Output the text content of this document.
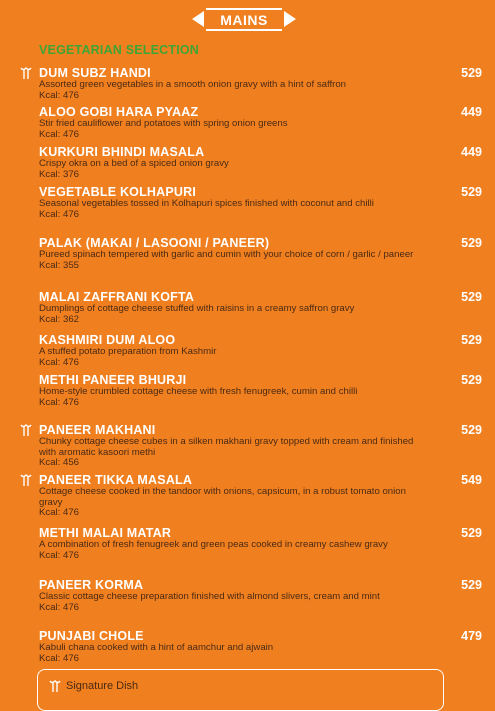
MAINS
VEGETARIAN SELECTION
DUM SUBZ HANDI
Assorted green vegetables in a smooth onion gravy with a hint of saffron
Kcal: 476
529
ALOO GOBI HARA PYAAZ
Stir fried cauliflower and potatoes with spring onion greens
Kcal: 476
449
KURKURI BHINDI MASALA
Crispy okra on a bed of a spiced onion gravy
Kcal: 376
449
VEGETABLE KOLHAPURI
Seasonal vegetables tossed in Kolhapuri spices finished with coconut and chilli
Kcal: 476
529
PALAK (MAKAI / LASOONI / PANEER)
Pureed spinach tempered with garlic and cumin with your choice of corn / garlic / paneer
Kcal: 355
529
MALAI ZAFFRANI KOFTA
Dumplings of cottage cheese stuffed with raisins in a creamy saffron gravy
Kcal: 362
529
KASHMIRI DUM ALOO
A stuffed potato preparation from Kashmir
Kcal: 476
529
METHI PANEER BHURJI
Home-style crumbled cottage cheese with fresh fenugreek, cumin and chilli
Kcal: 476
529
PANEER MAKHANI
Chunky cottage cheese cubes in a silken makhani gravy topped with cream and finished with aromatic kasoori methi
Kcal: 456
529
PANEER TIKKA MASALA
Cottage cheese cooked in the tandoor with onions, capsicum, in a robust tomato onion gravy
Kcal: 476
549
METHI MALAI MATAR
A combination of fresh fenugreek and green peas cooked in creamy cashew gravy
Kcal: 476
529
PANEER KORMA
Classic cottage cheese preparation finished with almond slivers, cream and mint
Kcal: 476
529
PUNJABI CHOLE
Kabuli chana cooked with a hint of aamchur and ajwain
Kcal: 476
479
Signature Dish
